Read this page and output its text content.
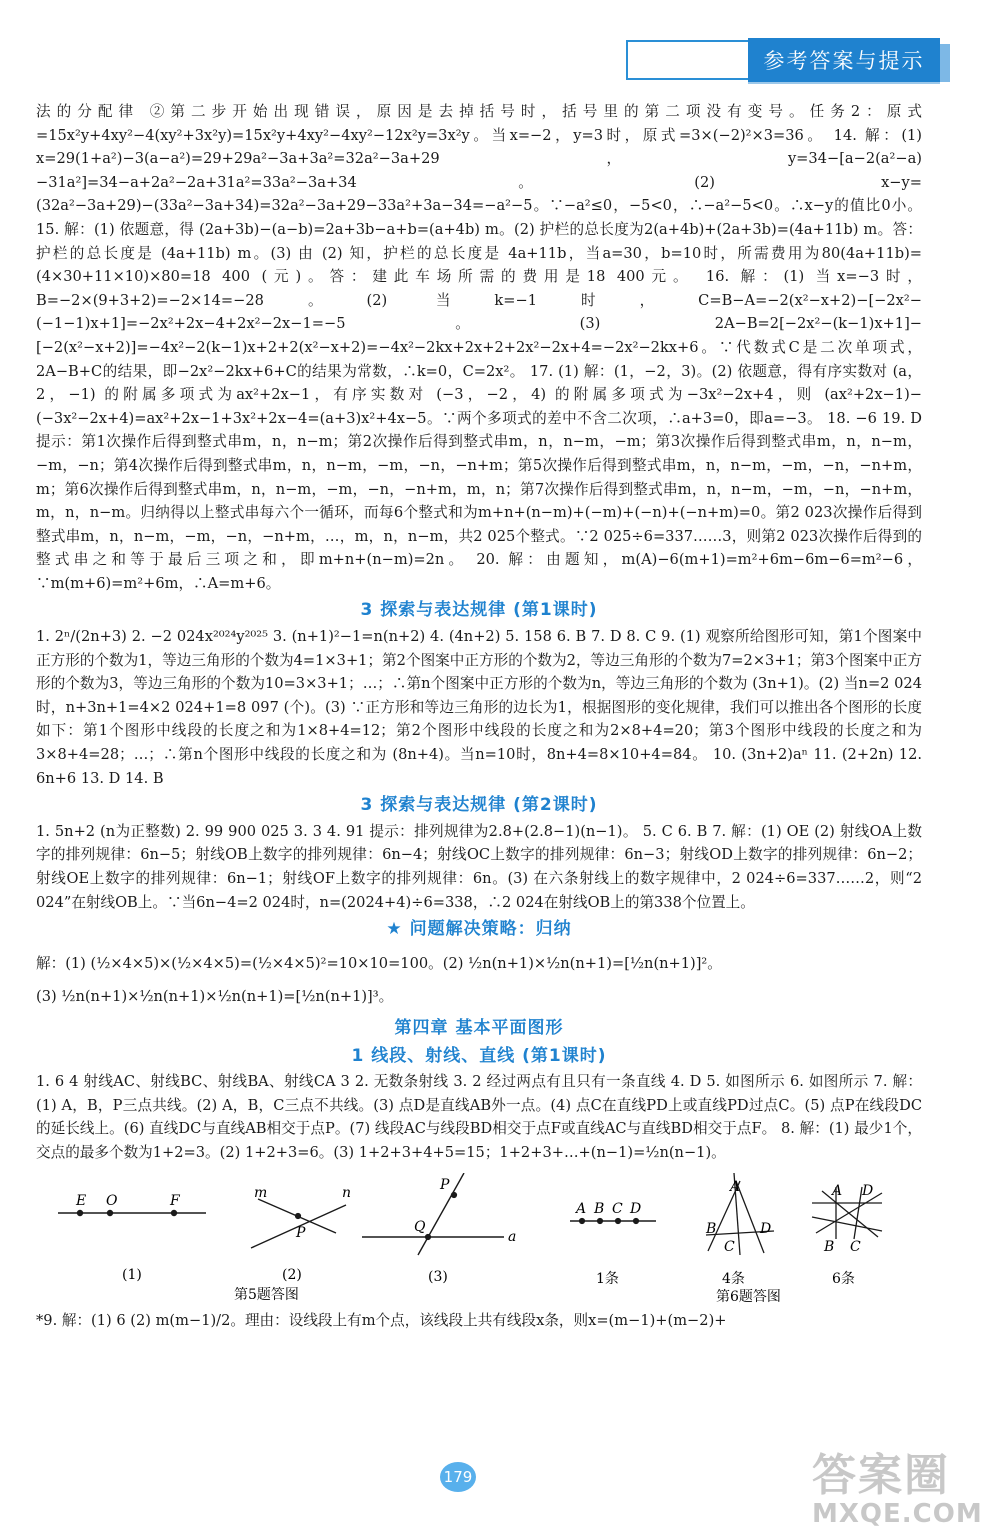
参考答案与提示

法的分配律 ②第二步开始出现错误，原因是去掉括号时，括号里的第二项没有变号。任务2：原式=15x²y+4xy²−4(xy²+3x²y)=15x²y+4xy²−4xy²−12x²y=3x²y。当x=−2，y=3时，原式=3×(−2)²×3=36。 14. 解：(1) x=29(1+a²)−3(a−a²)=29+29a²−3a+3a²=32a²−3a+29，y=34−[a−2(a²−a)−31a²]=34−a+2a²−2a+31a²=33a²−3a+34。(2) x−y=(32a²−3a+29)−(33a²−3a+34)=32a²−3a+29−33a²+3a−34=−a²−5。∵−a²≤0，−5<0，∴−a²−5<0。∴x−y的值比0小。 15. 解：(1) 依题意，得 (2a+3b)−(a−b)=2a+3b−a+b=(a+4b) m。(2) 护栏的总长度为2(a+4b)+(2a+3b)=(4a+11b) m。答：护栏的总长度是 (4a+11b) m。(3) 由 (2) 知，护栏的总长度是 4a+11b，当a=30，b=10时，所需费用为80(4a+11b)=(4×30+11×10)×80=18 400 (元)。答：建此车场所需的费用是18 400元。 16. 解：(1) 当x=−3时，B=−2×(9+3+2)=−2×14=−28。(2) 当k=−1时，C=B−A=−2(x²−x+2)−[−2x²−(−1−1)x+1]=−2x²+2x−4+2x²−2x−1=−5。(3) 2A−B=2[−2x²−(k−1)x+1]−[−2(x²−x+2)]=−4x²−2(k−1)x+2+2(x²−x+2)=−4x²−2kx+2x+2+2x²−2x+4=−2x²−2kx+6。∵代数式C是二次单项式，2A−B+C的结果，即−2x²−2kx+6+C的结果为常数，∴k=0，C=2x²。 17. (1) 解：(1，−2，3)。(2) 依题意，得有序实数对 (a，2，−1) 的附属多项式为ax²+2x−1，有序实数对 (−3，−2，4) 的附属多项式为−3x²−2x+4，则 (ax²+2x−1)−(−3x²−2x+4)=ax²+2x−1+3x²+2x−4=(a+3)x²+4x−5。∵两个多项式的差中不含二次项，∴a+3=0，即a=−3。 18. −6 19. D 提示：第1次操作后得到整式串m，n，n−m；第2次操作后得到整式串m，n，n−m，−m；第3次操作后得到整式串m，n，n−m，−m，−n；第4次操作后得到整式串m，n，n−m，−m，−n，−n+m；第5次操作后得到整式串m，n，n−m，−m，−n，−n+m，m；第6次操作后得到整式串m，n，n−m，−m，−n，−n+m，m，n；第7次操作后得到整式串m，n，n−m，−m，−n，−n+m，m，n，n−m。归纳得以上整式串每六个一循环，而每6个整式和为m+n+(n−m)+(−m)+(−n)+(−n+m)=0。第2 023次操作后得到整式串m，n，n−m，−m，−n，−n+m，…，m，n，n−m，共2 025个整式。∵2 025÷6=337……3，则第2 023次操作后得到的整式串之和等于最后三项之和，即m+n+(n−m)=2n。 20. 解：由题知，m(A)−6(m+1)=m²+6m−6m−6=m²−6，∵m(m+6)=m²+6m，∴A=m+6。

3 探索与表达规律 (第1课时)

1. 2ⁿ/(2n+3) 2. −2 024x²⁰²⁴y²⁰²⁵ 3. (n+1)²−1=n(n+2) 4. (4n+2) 5. 158 6. B 7. D 8. C 9. (1) 观察所给图形可知，第1个图案中正方形的个数为1，等边三角形的个数为4=1×3+1；第2个图案中正方形的个数为2，等边三角形的个数为7=2×3+1；第3个图案中正方形的个数为3，等边三角形的个数为10=3×3+1；…；∴第n个图案中正方形的个数为n，等边三角形的个数为 (3n+1)。(2) 当n=2 024时，n+3n+1=4×2 024+1=8 097 (个)。(3) ∵正方形和等边三角形的边长为1，根据图形的变化规律，我们可以推出各个图形的长度如下：第1个图形中线段的长度之和为1×8+4=12；第2个图形中线段的长度之和为2×8+4=20；第3个图形中线段的长度之和为3×8+4=28；…；∴第n个图形中线段的长度之和为 (8n+4)。当n=10时，8n+4=8×10+4=84。 10. (3n+2)aⁿ 11. (2+2n) 12. 6n+6 13. D 14. B

3 探索与表达规律 (第2课时)

1. 5n+2 (n为正整数) 2. 99 900 025 3. 3 4. 91 提示：排列规律为2.8+(2.8−1)(n−1)。 5. C 6. B 7. 解：(1) OE (2) 射线OA上数字的排列规律：6n−5；射线OB上数字的排列规律：6n−4；射线OC上数字的排列规律：6n−3；射线OD上数字的排列规律：6n−2；射线OE上数字的排列规律：6n−1；射线OF上数字的排列规律：6n。(3) 在六条射线上的数字规律中，2 024÷6=337……2，则“2 024”在射线OB上。∵当6n−4=2 024时，n=(2024+4)÷6=338，∴2 024在射线OB上的第338个位置上。

★ 问题解决策略：归纳

解：(1) (½×4×5)×(½×4×5)=(½×4×5)²=10×10=100。(2) ½n(n+1)×½n(n+1)=[½n(n+1)]²。

(3) ½n(n+1)×½n(n+1)×½n(n+1)=[½n(n+1)]³。

第四章 基本平面图形
1 线段、射线、直线 (第1课时)

1. 6 4 射线AC、射线BC、射线BA、射线CA 3 2. 无数条射线 3. 2 经过两点有且只有一条直线 4. D 5. 如图所示 6. 如图所示 7. 解：(1) A，B，P三点共线。(2) A，B，C三点不共线。(3) 点D是直线AB外一点。(4) 点C在直线PD上或直线PD过点C。(5) 点P在线段DC的延长线上。(6) 直线DC与直线AB相交于点P。(7) 线段AC与线段BD相交于点F或直线AC与直线BD相交于点F。 8. 解：(1) 最少1个，交点的最多个数为1+2=3。(2) 1+2+3=6。(3) 1+2+3+4+5=15；1+2+3+…+(n−1)=½n(n−1)。

E O	F
(1)
m	n
P
(2)
P
Q
a
(3)
A B C D
1条
A
B
C
D
4条
A D
B C
6条
第5题答图	第6题答图

*9. 解：(1) 6 (2) m(m−1)/2。理由：设线段上有m个点，该线段上共有线段x条，则x=(m−1)+(m−2)+

179	答案圈
MXQE.COM
